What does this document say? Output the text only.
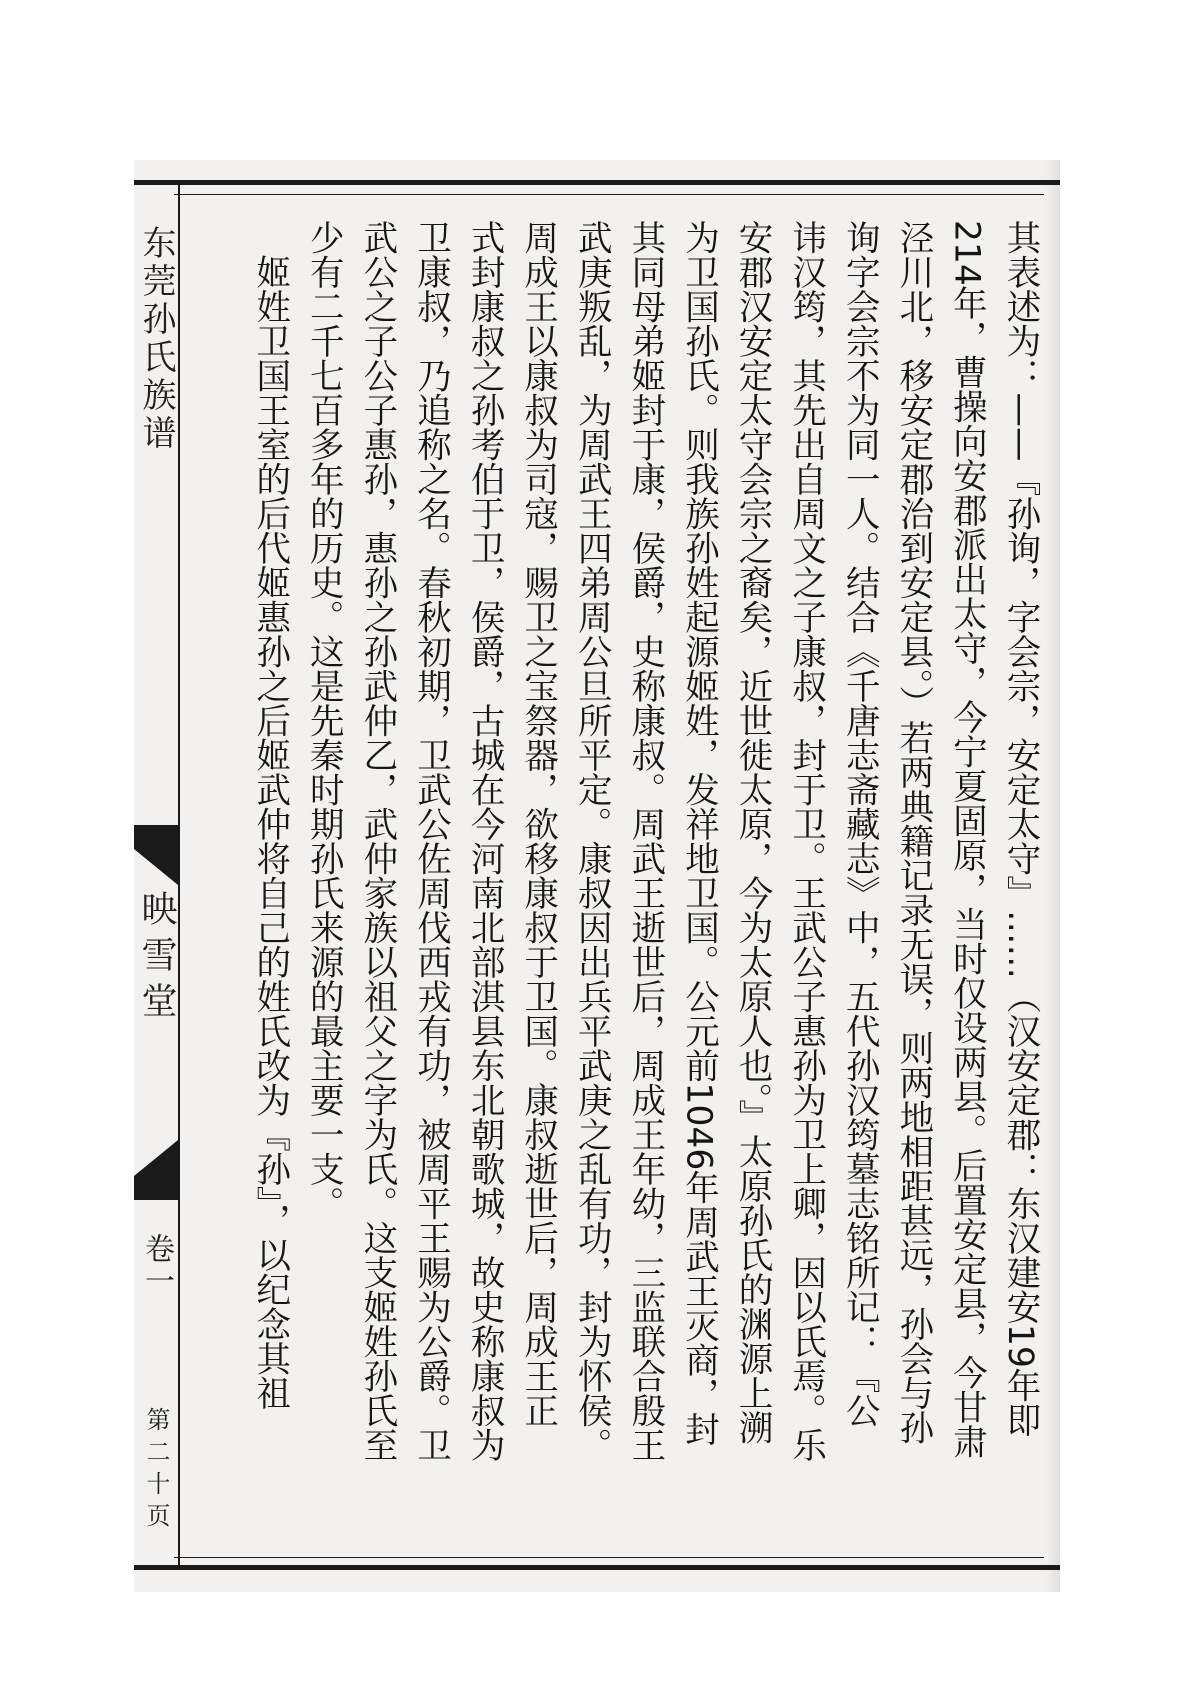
东莞孙氏族谱
映雪堂
卷一
第二十页

其表述为：——『孙询，字会宗，安定太守』……（汉安定郡：东汉建安19年即

214年，曹操向安郡派出太守，今宁夏固原，当时仅设两县。后置安定县，今甘肃

泾川北，移安定郡治到安定县。）若两典籍记录无误，则两地相距甚远，孙会与孙

询字会宗不为同一人。结合《千唐志斋藏志》中，五代孙汉筠墓志铭所记：『公

讳汉筠，其先出自周文之子康叔，封于卫。王武公子惠孙为卫上卿，因以氏焉。乐

安郡汉安定太守会宗之裔矣，近世徙太原，今为太原人也。』太原孙氏的渊源上溯

为卫国孙氏。则我族孙姓起源姬姓，发祥地卫国。公元前1046年周武王灭商，封

其同母弟姬封于康，侯爵，史称康叔。周武王逝世后，周成王年幼，三监联合殷王

武庚叛乱，为周武王四弟周公旦所平定。康叔因出兵平武庚之乱有功，封为怀侯。

周成王以康叔为司寇，赐卫之宝祭器，欲移康叔于卫国。康叔逝世后，周成王正

式封康叔之孙考伯于卫，侯爵，古城在今河南北部淇县东北朝歌城，故史称康叔为

卫康叔，乃追称之名。春秋初期，卫武公佐周伐西戎有功，被周平王赐为公爵。卫

武公之子公子惠孙，惠孙之孙武仲乙，武仲家族以祖父之字为氏。这支姬姓孙氏至

少有二千七百多年的历史。这是先秦时期孙氏来源的最主要一支。

　姬姓卫国王室的后代姬惠孙之后姬武仲将自己的姓氏改为『孙』，以纪念其祖
